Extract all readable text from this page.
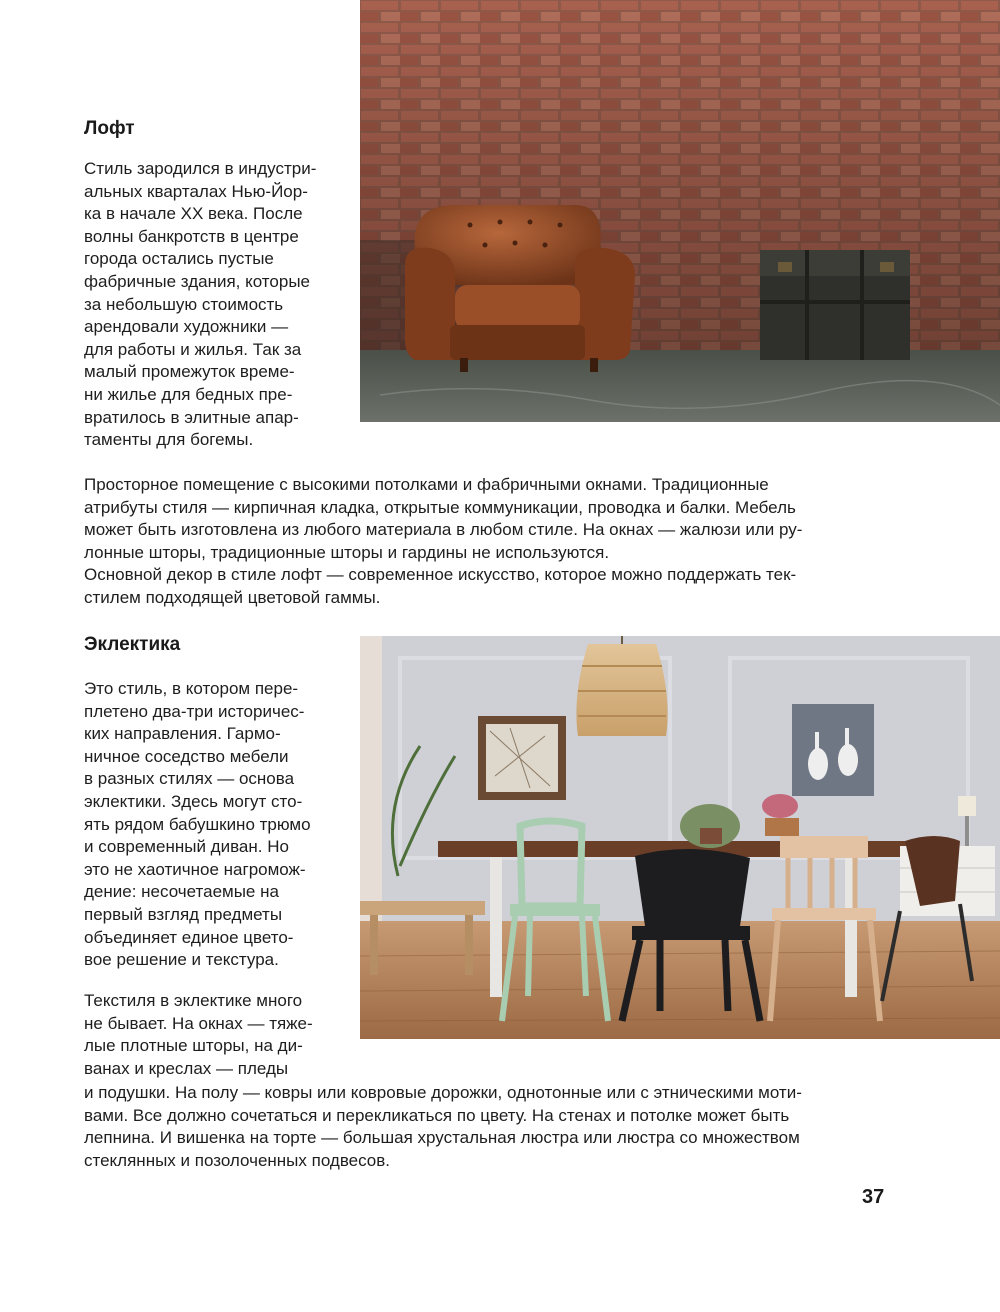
Лофт
Стиль зародился в индустри-
альных кварталах Нью-Йор-
ка в начале XX века. После
волны банкротств в центре
города остались пустые
фабричные здания, которые
за небольшую стоимость
арендовали художники —
для работы и жилья. Так за
малый промежуток време-
ни жилье для бедных пре-
вратилось в элитные апар-
таменты для богемы.
Просторное помещение с высокими потолками и фабричными окнами. Традиционные
атрибуты стиля — кирпичная кладка, открытые коммуникации, проводка и балки. Мебель
может быть изготовлена из любого материала в любом стиле. На окнах — жалюзи или ру-
лонные шторы, традиционные шторы и гардины не используются.
Основной декор в стиле лофт — современное искусство, которое можно поддержать тек-
стилем подходящей цветовой гаммы.
Эклектика
Это стиль, в котором пере-
плетено два-три историчес-
ких направления. Гармо-
ничное соседство мебели
в разных стилях — основа
эклектики. Здесь могут сто-
ять рядом бабушкино трюмо
и современный диван. Но
это не хаотичное нагромож-
дение: несочетаемые на
первый взгляд предметы
объединяет единое цвето-
вое решение и текстура.
Текстиля в эклектике много
не бывает. На окнах — тяже-
лые плотные шторы, на ди-
ванах и креслах — пледы
и подушки. На полу — ковры или ковровые дорожки, однотонные или с этническими моти-
вами. Все должно сочетаться и перекликаться по цвету. На стенах и потолке может быть
лепнина. И вишенка на торте — большая хрустальная люстра или люстра со множеством
стеклянных и позолоченных подвесов.
37
